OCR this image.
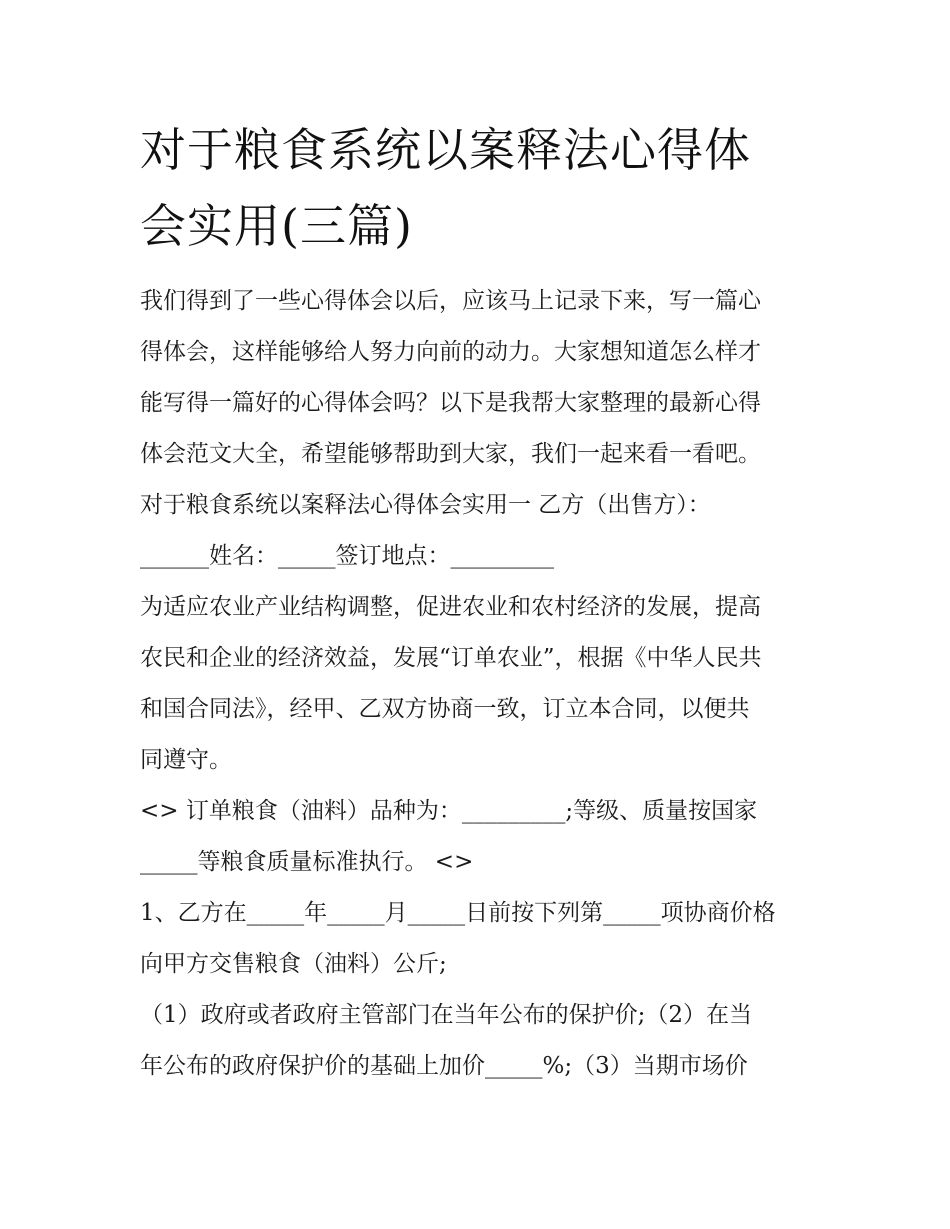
对于粮食系统以案释法心得体
会实用(三篇)
我们得到了一些心得体会以后，应该马上记录下来，写一篇心
得体会，这样能够给人努力向前的动力。大家想知道怎么样才
能写得一篇好的心得体会吗？以下是我帮大家整理的最新心得
体会范文大全，希望能够帮助到大家，我们一起来看一看吧。
对于粮食系统以案释法心得体会实用一 乙方（出售方）：
______姓名：_____签订地点：_________
为适应农业产业结构调整，促进农业和农村经济的发展，提高
农民和企业的经济效益，发展“订单农业”，根据《中华人民共
和国合同法》，经甲、乙双方协商一致，订立本合同，以便共
同遵守。
<> 订单粮食（油料）品种为：_________;等级、质量按国家
_____等粮食质量标准执行。 <>
1、乙方在_____年_____月_____日前按下列第_____项协商价格
向甲方交售粮食（油料）公斤;
（1）政府或者政府主管部门在当年公布的保护价;（2）在当
年公布的政府保护价的基础上加价_____%;（3）当期市场价
